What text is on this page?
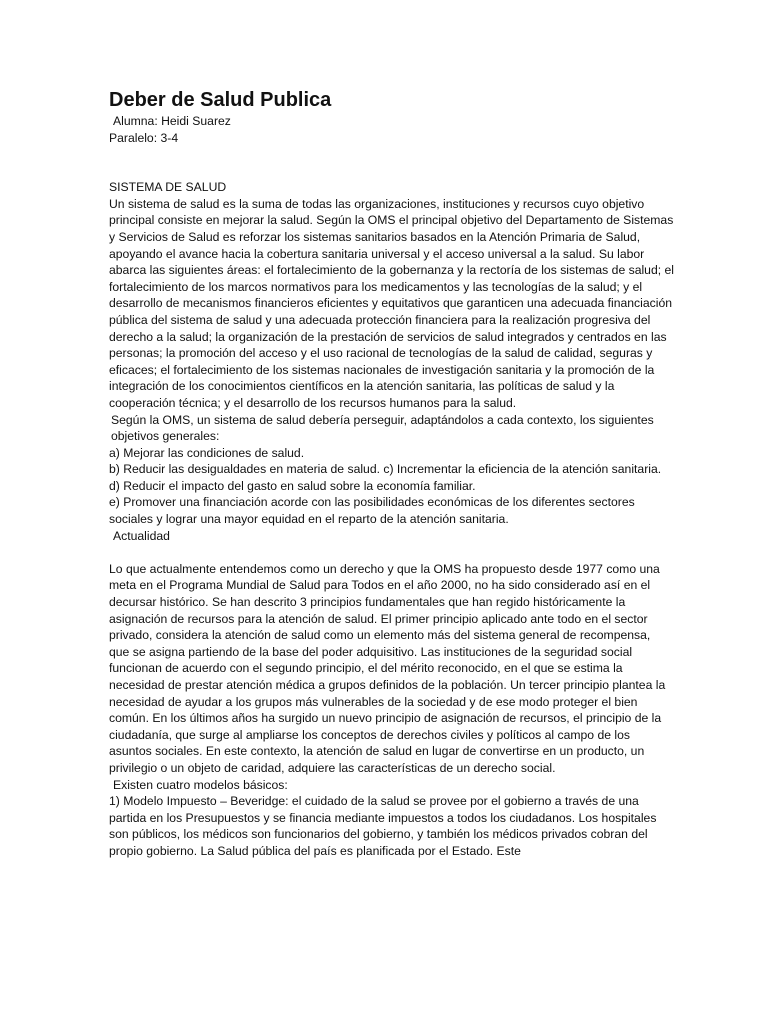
Deber de Salud Publica

Alumna: Heidi Suarez

Paralelo: 3-4

SISTEMA DE SALUD

Un sistema de salud es la suma de todas las organizaciones, instituciones y recursos cuyo objetivo principal consiste en mejorar la salud. Según la OMS el principal objetivo del Departamento de Sistemas y Servicios de Salud es reforzar los sistemas sanitarios basados en la Atención Primaria de Salud, apoyando el avance hacia la cobertura sanitaria universal y el acceso universal a la salud. Su labor abarca las siguientes áreas: el fortalecimiento de la gobernanza y la rectoría de los sistemas de salud; el fortalecimiento de los marcos normativos para los medicamentos y las tecnologías de la salud; y el desarrollo de mecanismos financieros eficientes y equitativos que garanticen una adecuada financiación pública del sistema de salud y una adecuada protección financiera para la realización progresiva del derecho a la salud; la organización de la prestación de servicios de salud integrados y centrados en las personas; la promoción del acceso y el uso racional de tecnologías de la salud de calidad, seguras y eficaces; el fortalecimiento de los sistemas nacionales de investigación sanitaria y la promoción de la integración de los conocimientos científicos en la atención sanitaria, las políticas de salud y la cooperación técnica; y el desarrollo de los recursos humanos para la salud.

Según la OMS, un sistema de salud debería perseguir, adaptándolos a cada contexto, los siguientes objetivos generales:

a) Mejorar las condiciones de salud.

b) Reducir las desigualdades en materia de salud. c) Incrementar la eficiencia de la atención sanitaria.

d) Reducir el impacto del gasto en salud sobre la economía familiar.

e) Promover una financiación acorde con las posibilidades económicas de los diferentes sectores sociales y lograr una mayor equidad en el reparto de la atención sanitaria.

Actualidad

Lo que actualmente entendemos como un derecho y que la OMS ha propuesto desde 1977 como una meta en el Programa Mundial de Salud para Todos en el año 2000, no ha sido considerado así en el decursar histórico. Se han descrito 3 principios fundamentales que han regido históricamente la asignación de recursos para la atención de salud. El primer principio aplicado ante todo en el sector privado, considera la atención de salud como un elemento más del sistema general de recompensa, que se asigna partiendo de la base del poder adquisitivo. Las instituciones de la seguridad social funcionan de acuerdo con el segundo principio, el del mérito reconocido, en el que se estima la necesidad de prestar atención médica a grupos definidos de la población. Un tercer principio plantea la necesidad de ayudar a los grupos más vulnerables de la sociedad y de ese modo proteger el bien común. En los últimos años ha surgido un nuevo principio de asignación de recursos, el principio de la ciudadanía, que surge al ampliarse los conceptos de derechos civiles y políticos al campo de los asuntos sociales. En este contexto, la atención de salud en lugar de convertirse en un producto, un privilegio o un objeto de caridad, adquiere las características de un derecho social.

Existen cuatro modelos básicos:

1) Modelo Impuesto – Beveridge: el cuidado de la salud se provee por el gobierno a través de una partida en los Presupuestos y se financia mediante impuestos a todos los ciudadanos. Los hospitales son públicos, los médicos son funcionarios del gobierno, y también los médicos privados cobran del propio gobierno. La Salud pública del país es planificada por el Estado. Este
